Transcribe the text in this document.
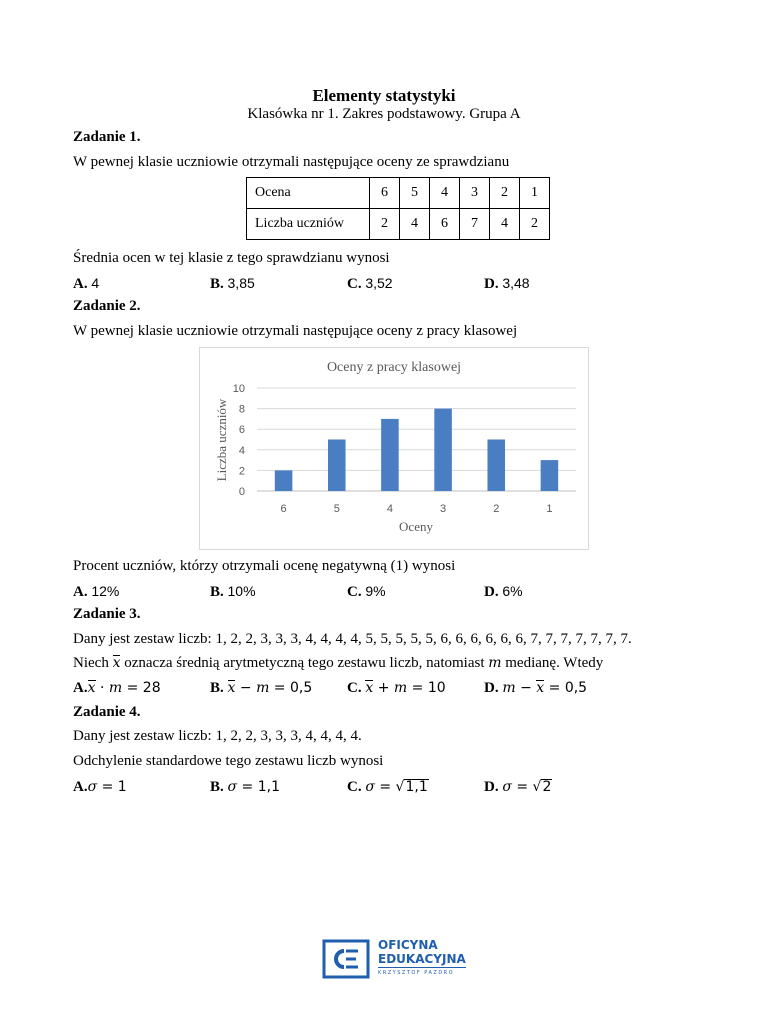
Elementy statystyki
Klasówka nr 1. Zakres podstawowy. Grupa A
Zadanie 1.
W pewnej klasie uczniowie otrzymali następujące oceny ze sprawdzianu
Ocena	6	5	4	3	2	1
Liczba uczniów	2	4	6	7	4	2
Średnia ocen w tej klasie z tego sprawdzianu wynosi
A. 4	B. 3,85	C. 3,52	D. 3,48
Zadanie 2.
W pewnej klasie uczniowie otrzymali następujące oceny z pracy klasowej
Oceny z pracy klasowej
Liczba uczniów
Oceny
0
2
4
6
8
10
6	5	4	3	2	1
Procent uczniów, którzy otrzymali ocenę negatywną (1) wynosi
A. 12%	B. 10%	C. 9%	D. 6%
Zadanie 3.
Dany jest zestaw liczb: 1, 2, 2, 3, 3, 3, 4, 4, 4, 4, 5, 5, 5, 5, 5, 6, 6, 6, 6, 6, 6, 7, 7, 7, 7, 7, 7, 7.
Niech x oznacza średnią arytmetyczną tego zestawu liczb, natomiast m medianę. Wtedy
A.x · m = 28	B. x − m = 0,5 C. x + m = 10	D. m − x = 0,5
Zadanie 4.
Dany jest zestaw liczb: 1, 2, 2, 3, 3, 3, 4, 4, 4, 4.
Odchylenie standardowe tego zestawu liczb wynosi
A.σ = 1	B. σ = 1,1	C. σ = √1,1	D. σ = √2
OFICYNA
EDUKACYJNA
KRZYSZTOF PAZDRO
